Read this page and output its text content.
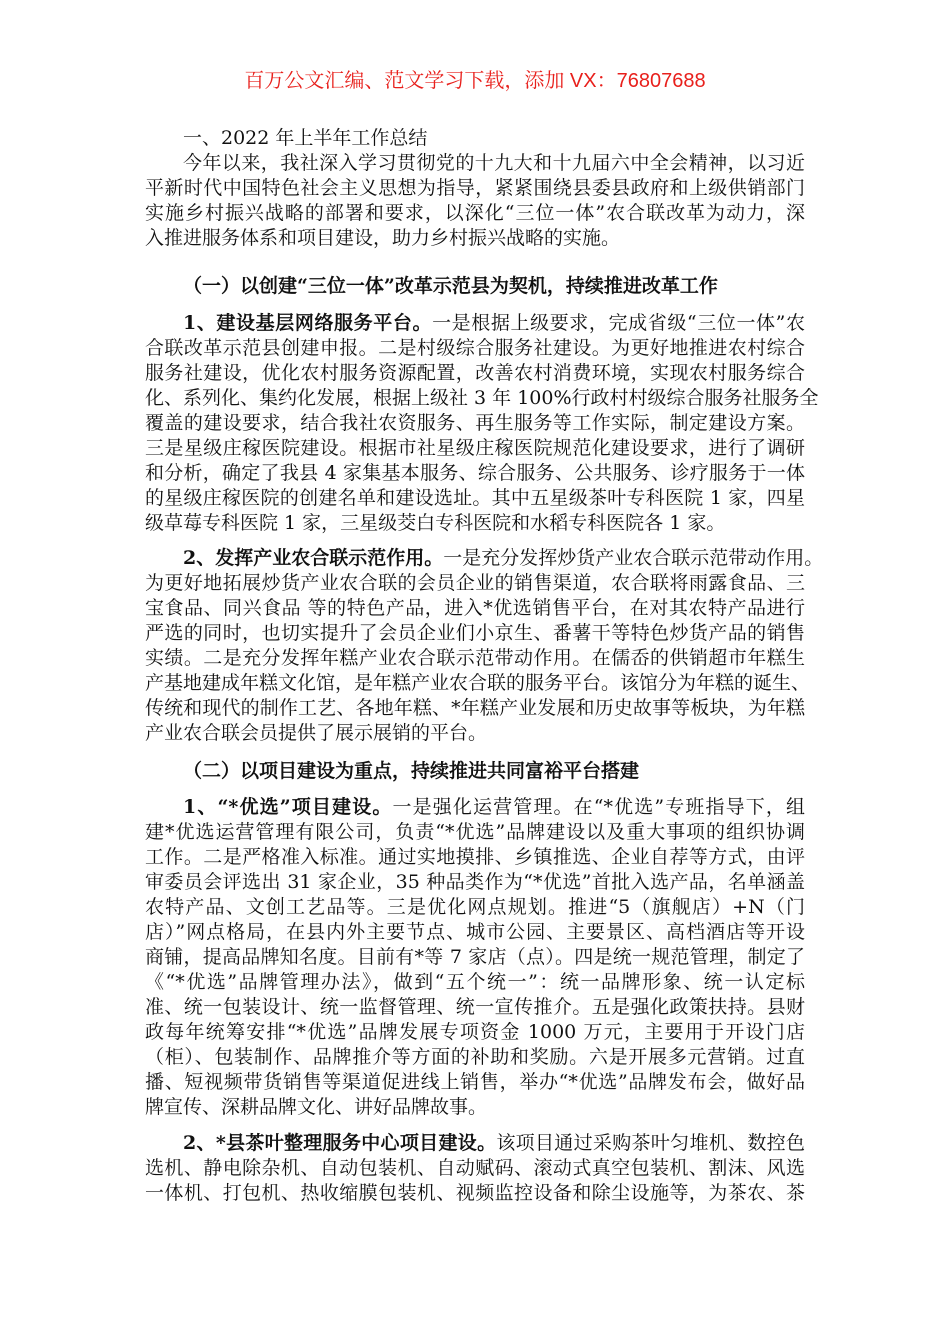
百万公文汇编、范文学习下载，添加 VX：76807688
一、2022 年上半年工作总结
今年以来，我社深入学习贯彻党的十九大和十九届六中全会精神，以习近
平新时代中国特色社会主义思想为指导，紧紧围绕县委县政府和上级供销部门
实施乡村振兴战略的部署和要求，以深化“三位一体”农合联改革为动力，深
入推进服务体系和项目建设，助力乡村振兴战略的实施。
（一）以创建“三位一体”改革示范县为契机，持续推进改革工作
1、建设基层网络服务平台。一是根据上级要求，完成省级“三位一体”农
合联改革示范县创建申报。二是村级综合服务社建设。为更好地推进农村综合
服务社建设，优化农村服务资源配置，改善农村消费环境，实现农村服务综合
化、系列化、集约化发展，根据上级社 3 年 100%行政村村级综合服务社服务全
覆盖的建设要求，结合我社农资服务、再生服务等工作实际，制定建设方案。
三是星级庄稼医院建设。根据市社星级庄稼医院规范化建设要求，进行了调研
和分析，确定了我县 4 家集基本服务、综合服务、公共服务、诊疗服务于一体
的星级庄稼医院的创建名单和建设选址。其中五星级茶叶专科医院 1 家，四星
级草莓专科医院 1 家，三星级茭白专科医院和水稻专科医院各 1 家。
2、发挥产业农合联示范作用。一是充分发挥炒货产业农合联示范带动作用。
为更好地拓展炒货产业农合联的会员企业的销售渠道，农合联将雨露食品、三
宝食品、同兴食品 等的特色产品，进入*优选销售平台，在对其农特产品进行
严选的同时，也切实提升了会员企业们小京生、番薯干等特色炒货产品的销售
实绩。二是充分发挥年糕产业农合联示范带动作用。在儒岙的供销超市年糕生
产基地建成年糕文化馆，是年糕产业农合联的服务平台。该馆分为年糕的诞生、
传统和现代的制作工艺、各地年糕、*年糕产业发展和历史故事等板块，为年糕
产业农合联会员提供了展示展销的平台。
（二）以项目建设为重点，持续推进共同富裕平台搭建
1、“*优选”项目建设。一是强化运营管理。在“*优选”专班指导下，组
建*优选运营管理有限公司，负责“*优选”品牌建设以及重大事项的组织协调
工作。二是严格准入标准。通过实地摸排、乡镇推选、企业自荐等方式，由评
审委员会评选出 31 家企业，35 种品类作为“*优选”首批入选产品，名单涵盖
农特产品、文创工艺品等。三是优化网点规划。推进“5（旗舰店）+N（门
店）”网点格局，在县内外主要节点、城市公园、主要景区、高档酒店等开设
商铺，提高品牌知名度。目前有*等 7 家店（点）。四是统一规范管理，制定了
《“*优选”品牌管理办法》，做到“五个统一”：统一品牌形象、统一认定标
准、统一包装设计、统一监督管理、统一宣传推介。五是强化政策扶持。县财
政每年统筹安排“*优选”品牌发展专项资金 1000 万元，主要用于开设门店
（柜）、包装制作、品牌推介等方面的补助和奖励。六是开展多元营销。过直
播、短视频带货销售等渠道促进线上销售，举办“*优选”品牌发布会，做好品
牌宣传、深耕品牌文化、讲好品牌故事。
2、*县茶叶整理服务中心项目建设。该项目通过采购茶叶匀堆机、数控色
选机、静电除杂机、自动包装机、自动赋码、滚动式真空包装机、割沫、风选
一体机、打包机、热收缩膜包装机、视频监控设备和除尘设施等，为茶农、茶
